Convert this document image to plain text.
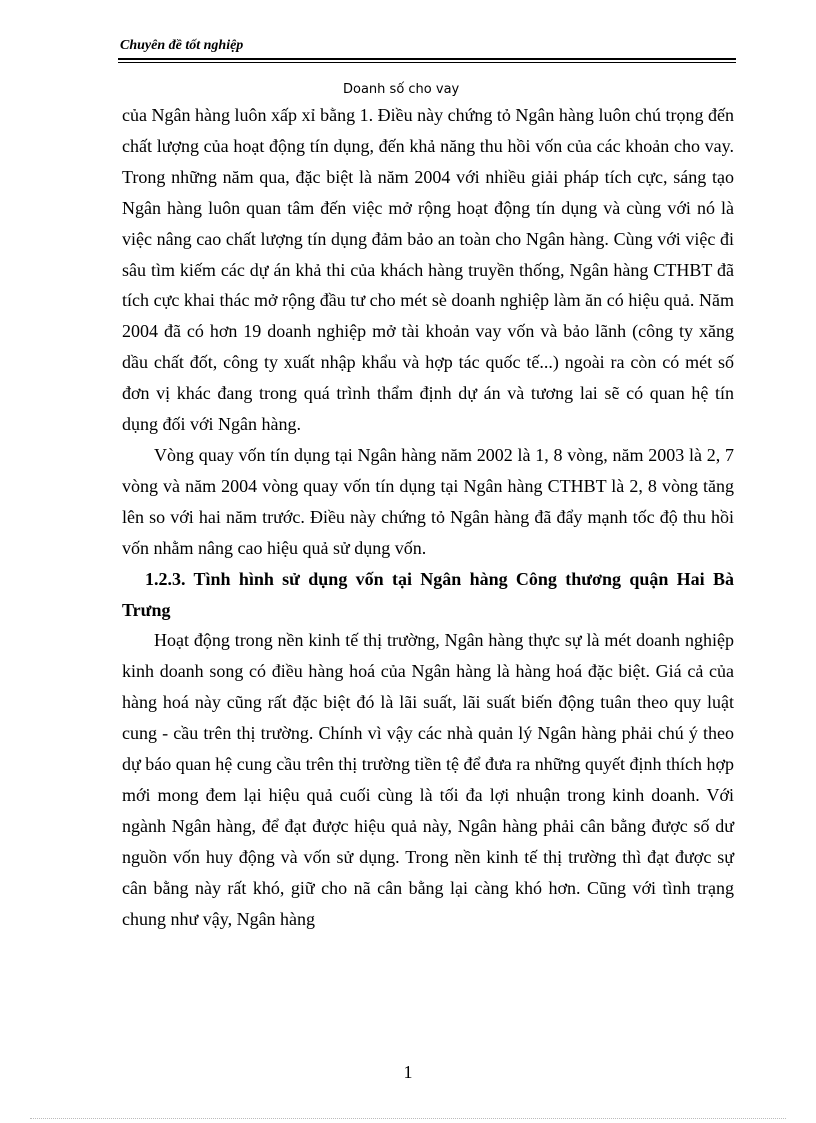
Chuyên đề tốt nghiệp
Doanh số cho vay

của Ngân hàng luôn xấp xỉ bằng 1. Điều này chứng tỏ Ngân hàng luôn chú trọng đến chất lượng của hoạt động tín dụng, đến khả năng thu hồi vốn của các khoản cho vay. Trong những năm qua, đặc biệt là năm 2004 với nhiều giải pháp tích cực, sáng tạo Ngân hàng luôn quan tâm đến việc mở rộng hoạt động tín dụng và cùng với nó là việc nâng cao chất lượng tín dụng đảm bảo an toàn cho Ngân hàng. Cùng với việc đi sâu tìm kiếm các dự án khả thi của khách hàng truyền thống, Ngân hàng CTHBT đã tích cực khai thác mở rộng đầu tư cho mét sè doanh nghiệp làm ăn có hiệu quả. Năm 2004 đã có hơn 19 doanh nghiệp mở tài khoản vay vốn và bảo lãnh (công ty xăng dầu chất đốt, công ty xuất nhập khẩu và hợp tác quốc tế...) ngoài ra còn có mét số đơn vị khác đang trong quá trình thẩm định dự án và tương lai sẽ có quan hệ tín dụng đối với Ngân hàng.

Vòng quay vốn tín dụng tại Ngân hàng năm 2002 là 1, 8 vòng, năm 2003 là 2, 7 vòng và năm 2004 vòng quay vốn tín dụng tại Ngân hàng CTHBT là 2, 8 vòng tăng lên so với hai năm trước. Điều này chứng tỏ Ngân hàng đã đẩy mạnh tốc độ thu hồi vốn nhằm nâng cao hiệu quả sử dụng vốn.

1.2.3. Tình hình sử dụng vốn tại Ngân hàng Công thương quận Hai Bà Trưng

Hoạt động trong nền kinh tế thị trường, Ngân hàng thực sự là mét doanh nghiệp kinh doanh song có điều hàng hoá của Ngân hàng là hàng hoá đặc biệt. Giá cả của hàng hoá này cũng rất đặc biệt đó là lãi suất, lãi suất biến động tuân theo quy luật cung - cầu trên thị trường. Chính vì vậy các nhà quản lý Ngân hàng phải chú ý theo dự báo quan hệ cung cầu trên thị trường tiền tệ để đưa ra những quyết định thích hợp mới mong đem lại hiệu quả cuối cùng là tối đa lợi nhuận trong kinh doanh. Với ngành Ngân hàng, để đạt được hiệu quả này, Ngân hàng phải cân bằng được số dư nguồn vốn huy động và vốn sử dụng. Trong nền kinh tế thị trường thì đạt được sự cân bằng này rất khó, giữ cho nã cân bằng lại càng khó hơn. Cũng với tình trạng chung như vậy, Ngân hàng

1
